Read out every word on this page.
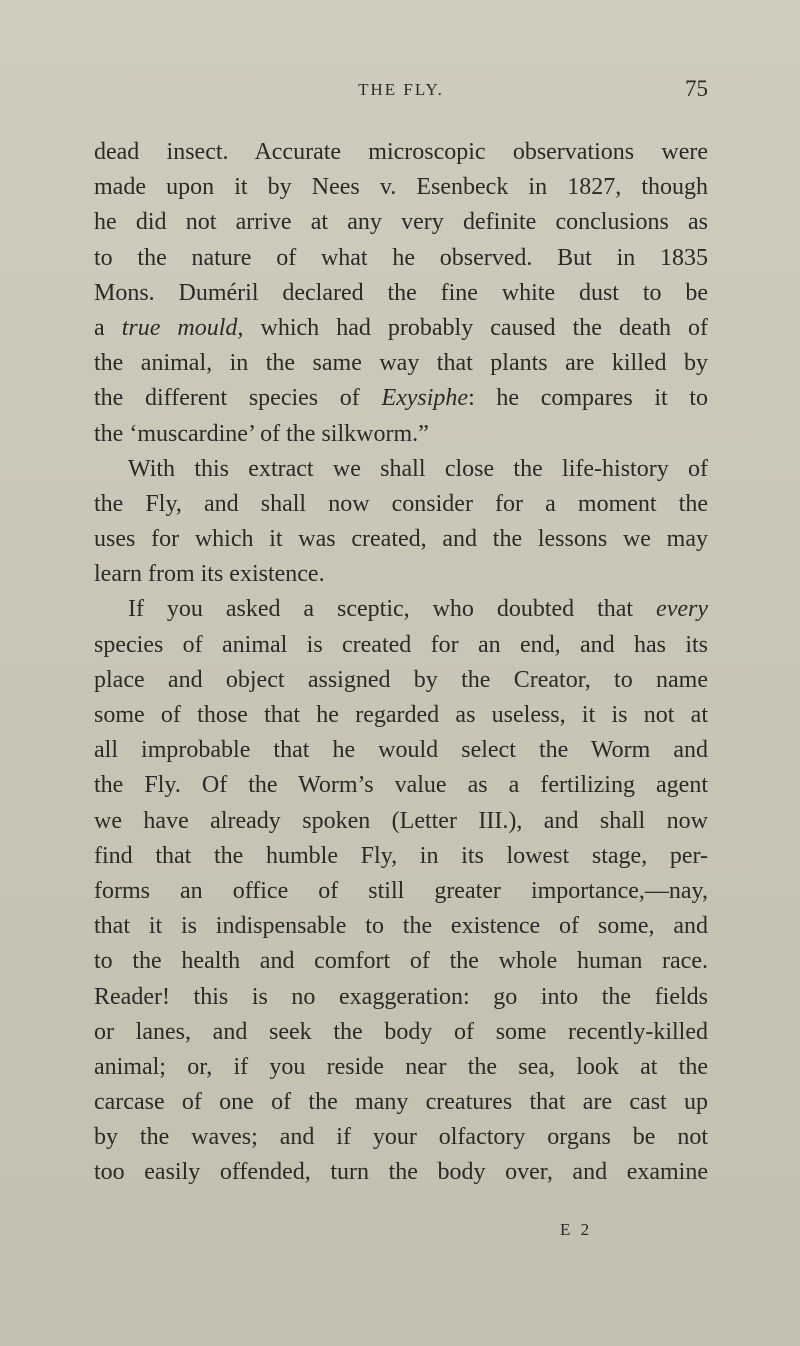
THE FLY.	75
dead insect. Accurate microscopic observations were
made upon it by Nees v. Esenbeck in 1827, though
he did not arrive at any very definite conclusions as
to the nature of what he observed. But in 1835
Mons. Duméril declared the fine white dust to be
a true mould, which had probably caused the death of
the animal, in the same way that plants are killed by
the different species of Exysiphe: he compares it to
the ‘muscardine’ of the silkworm.”
With this extract we shall close the life-history of
the Fly, and shall now consider for a moment the
uses for which it was created, and the lessons we may
learn from its existence.
If you asked a sceptic, who doubted that every
species of animal is created for an end, and has its
place and object assigned by the Creator, to name
some of those that he regarded as useless, it is not at
all improbable that he would select the Worm and
the Fly. Of the Worm’s value as a fertilizing agent
we have already spoken (Letter III.), and shall now
find that the humble Fly, in its lowest stage, per-
forms an office of still greater importance,—nay,
that it is indispensable to the existence of some, and
to the health and comfort of the whole human race.
Reader! this is no exaggeration: go into the fields
or lanes, and seek the body of some recently-killed
animal; or, if you reside near the sea, look at the
carcase of one of the many creatures that are cast up
by the waves; and if your olfactory organs be not
too easily offended, turn the body over, and examine
E 2
